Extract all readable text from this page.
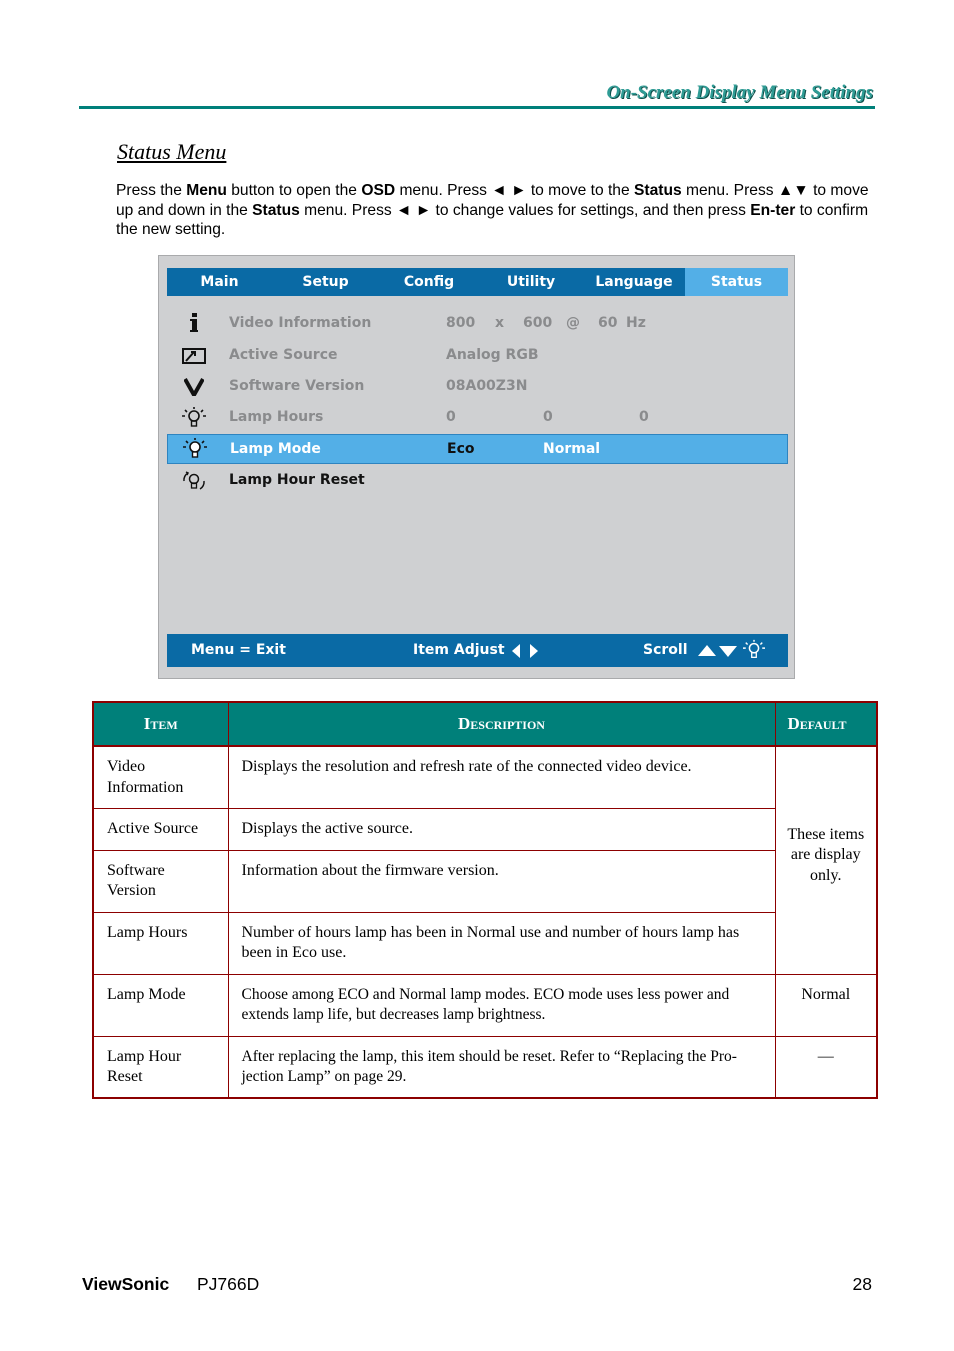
On-Screen Display Menu Settings
Status Menu
Press the Menu button to open the OSD menu. Press ◄ ► to move to the Status menu. Press ▲▼ to move up and down in the Status menu. Press ◄ ► to change values for settings, and then press En-ter to confirm the new setting.
Main	Setup	Config	Utility	Language	Status
Video Information	800 x 600 @ 60 Hz
Active Source	Analog RGB
Software Version	08A00Z3N
Lamp Hours	0	0	0
Lamp Mode	Eco	Normal
Lamp Hour Reset
Menu = Exit	Item Adjust	Scroll
Item	Description	Default
Video Information	Displays the resolution and refresh rate of the connected video device.	These items are display only.
Active Source	Displays the active source.	
Software Version	Information about the firmware version.	
Lamp Hours	Number of hours lamp has been in Normal use and number of hours lamp has been in Eco use.	
Lamp Mode	Choose among ECO and Normal lamp modes. ECO mode uses less power and extends lamp life, but decreases lamp brightness.	Normal
Lamp Hour Reset	After replacing the lamp, this item should be reset. Refer to “Replacing the Pro-jection Lamp” on page 29.	—
ViewSonic PJ766D	28
